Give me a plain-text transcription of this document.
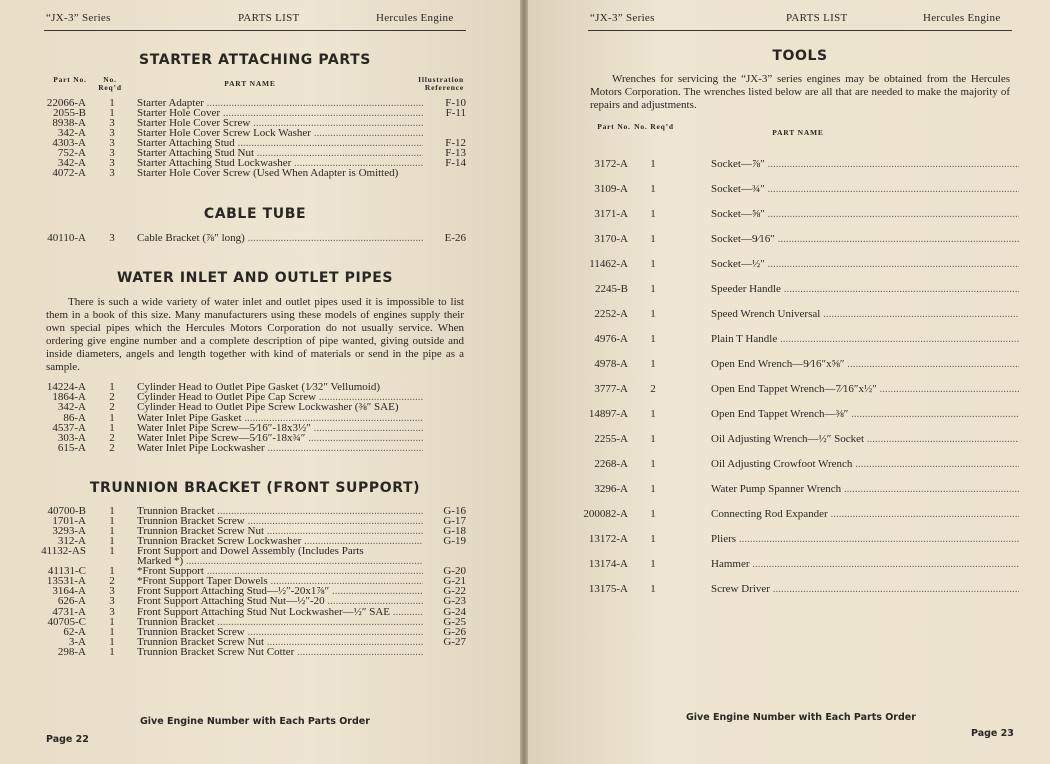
“JX-3” Series	PARTS LIST	Hercules Engine
STARTER ATTACHING PARTS
Part No.	No. Req’d	PART NAME	Illustration Reference
22066-A	1	Starter Adapter .....	F-10
2055-B	1	Starter Hole Cover .....	F-11
8938-A	3	Starter Hole Cover Screw .....
342-A	3	Starter Hole Cover Screw Lock Washer .....
4303-A	3	Starter Attaching Stud .....	F-12
752-A	3	Starter Attaching Stud Nut .....	F-13
342-A	3	Starter Attaching Stud Lockwasher .....	F-14
4072-A	3	Starter Hole Cover Screw (Used When Adapter is Omitted)
CABLE TUBE
40110-A	3	Cable Bracket (⅞″ long) .....	E-26
WATER INLET AND OUTLET PIPES
There is such a wide variety of water inlet and outlet pipes used it is impossible to list them in a book of this size. Many manufacturers using these models of engines supply their own special pipes which the Hercules Motors Corporation do not usually service. When ordering give engine number and a complete description of pipe wanted, giving outside and inside diameters, angels and length together with kind of materials or send in the pipe as a sample.
14224-A	1	Cylinder Head to Outlet Pipe Gasket (1⁄32″ Vellumoid)
1864-A	2	Cylinder Head to Outlet Pipe Cap Screw .....
342-A	2	Cylinder Head to Outlet Pipe Screw Lockwasher (⅜″ SAE)
86-A	1	Water Inlet Pipe Gasket .....
4537-A	1	Water Inlet Pipe Screw—5⁄16″-18x3½″ .....
303-A	2	Water Inlet Pipe Screw—5⁄16″-18x¾″ .....
615-A	2	Water Inlet Pipe Lockwasher .....
TRUNNION BRACKET (FRONT SUPPORT)
40700-B	1	Trunnion Bracket .....	G-16
1701-A	1	Trunnion Bracket Screw .....	G-17
3293-A	1	Trunnion Bracket Screw Nut .....	G-18
312-A	1	Trunnion Bracket Screw Lockwasher .....	G-19
41132-AS	1	Front Support and Dowel Assembly (Includes Parts
Marked *) .....
41131-C	1	*Front Support .....	G-20
13531-A	2	*Front Support Taper Dowels .....	G-21
3164-A	3	Front Support Attaching Stud—½″-20x1⅞″ .....	G-22
626-A	3	Front Support Attaching Stud Nut—½″-20 .....	G-23
4731-A	3	Front Support Attaching Stud Nut Lockwasher—½″ SAE .....	G-24
40705-C	1	Trunnion Bracket .....	G-25
62-A	1	Trunnion Bracket Screw .....	G-26
3-A	1	Trunnion Bracket Screw Nut .....	G-27
298-A	1	Trunnion Bracket Screw Nut Cotter .....
Give Engine Number with Each Parts Order
Page 22
“JX-3” Series	PARTS LIST	Hercules Engine
TOOLS
Wrenches for servicing the “JX-3” series engines may be obtained from the Hercules Motors Corporation. The wrenches listed below are all that are needed to make the majority of repairs and adjustments.
Part No. No. Req’d
PART NAME
3172-A	1	Socket—⅞″ .....
3109-A	1	Socket—¾″ .....
3171-A	1	Socket—⅝″ .....
3170-A	1	Socket—9⁄16″ .....
11462-A	1	Socket—½″ .....
2245-B	1	Speeder Handle .....
2252-A	1	Speed Wrench Universal .....
4976-A	1	Plain T Handle .....
4978-A	1	Open End Wrench—9⁄16″x⅝″ .....
3777-A	2	Open End Tappet Wrench—7⁄16″x½″ .....
14897-A	1	Open End Tappet Wrench—⅜″ .....
2255-A	1	Oil Adjusting Wrench—½″ Socket .....
2268-A	1	Oil Adjusting Crowfoot Wrench .....
3296-A	1	Water Pump Spanner Wrench .....
200082-A	1	Connecting Rod Expander .....
13172-A	1	Pliers .....
13174-A	1	Hammer .....
13175-A	1	Screw Driver .....
Give Engine Number with Each Parts Order
Page 23
